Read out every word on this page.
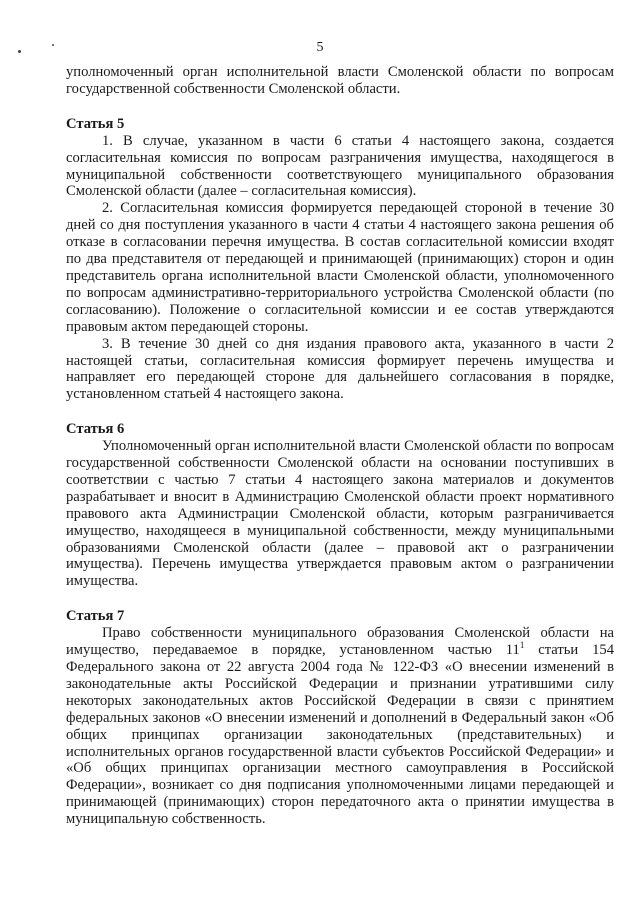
5

уполномоченный орган исполнительной власти Смоленской области по вопросам государственной собственности Смоленской области.

Статья 5

1. В случае, указанном в части 6 статьи 4 настоящего закона, создается согласительная комиссия по вопросам разграничения имущества, находящегося в муниципальной собственности соответствующего муниципального образования Смоленской области (далее – согласительная комиссия).

2. Согласительная комиссия формируется передающей стороной в течение 30 дней со дня поступления указанного в части 4 статьи 4 настоящего закона решения об отказе в согласовании перечня имущества. В состав согласительной комиссии входят по два представителя от передающей и принимающей (принимающих) сторон и один представитель органа исполнительной власти Смоленской области, уполномоченного по вопросам административно-территориального устройства Смоленской области (по согласованию). Положение о согласительной комиссии и ее состав утверждаются правовым актом передающей стороны.

3. В течение 30 дней со дня издания правового акта, указанного в части 2 настоящей статьи, согласительная комиссия формирует перечень имущества и направляет его передающей стороне для дальнейшего согласования в порядке, установленном статьей 4 настоящего закона.

Статья 6

Уполномоченный орган исполнительной власти Смоленской области по вопросам государственной собственности Смоленской области на основании поступивших в соответствии с частью 7 статьи 4 настоящего закона материалов и документов разрабатывает и вносит в Администрацию Смоленской области проект нормативного правового акта Администрации Смоленской области, которым разграничивается имущество, находящееся в муниципальной собственности, между муниципальными образованиями Смоленской области (далее – правовой акт о разграничении имущества). Перечень имущества утверждается правовым актом о разграничении имущества.

Статья 7

Право собственности муниципального образования Смоленской области на имущество, передаваемое в порядке, установленном частью $11^1$ статьи 154 Федерального закона от 22 августа 2004 года № 122-ФЗ «О внесении изменений в законодательные акты Российской Федерации и признании утратившими силу некоторых законодательных актов Российской Федерации в связи с принятием федеральных законов «О внесении изменений и дополнений в Федеральный закон «Об общих принципах организации законодательных (представительных) и исполнительных органов государственной власти субъектов Российской Федерации» и «Об общих принципах организации местного самоуправления в Российской Федерации», возникает со дня подписания уполномоченными лицами передающей и принимающей (принимающих) сторон передаточного акта о принятии имущества в муниципальную собственность.
